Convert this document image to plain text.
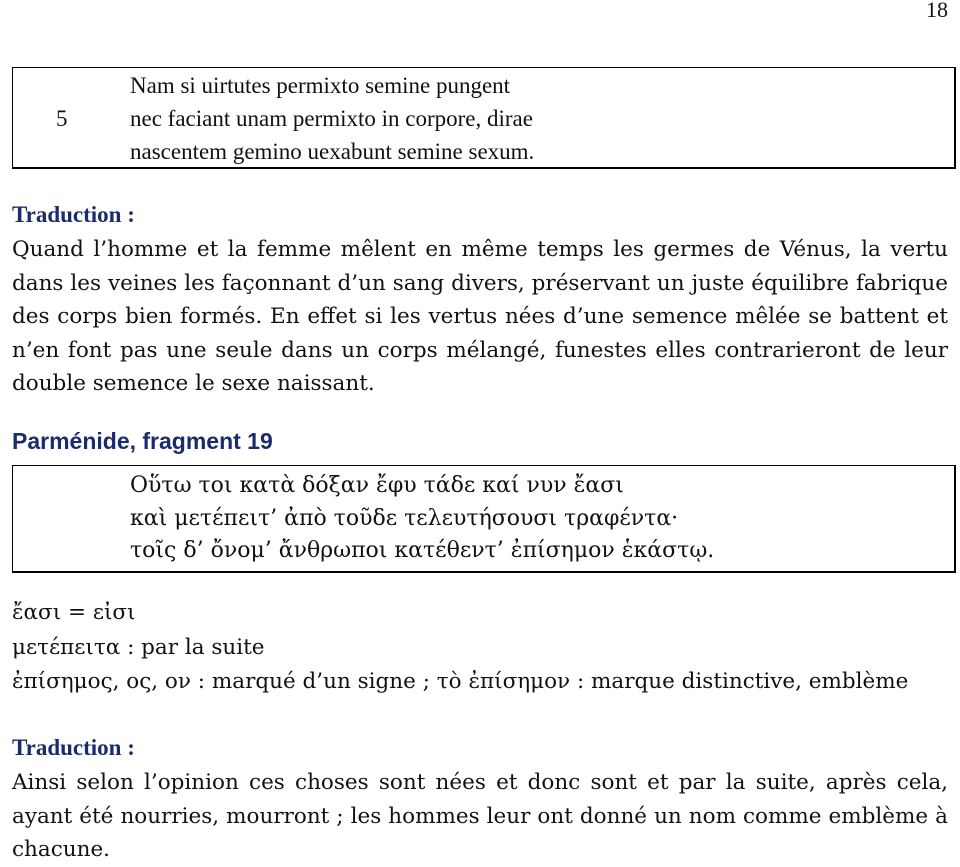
18
Nam si uirtutes permixto semine pungent
5	nec faciant unam permixto in corpore, dirae
nascentem gemino uexabunt semine sexum.
Traduction :
Quand l’homme et la femme mêlent en même temps les germes de Vénus, la vertu
dans les veines les façonnant d’un sang divers, préservant un juste équilibre fabrique
des corps bien formés. En effet si les vertus nées d’une semence mêlée se battent et
n’en font pas une seule dans un corps mélangé, funestes elles contrarieront de leur
double semence le sexe naissant.
Parménide, fragment 19
Οὕτω τοι κατὰ δόξαν ἔφυ τάδε καί νυν ἔασι
καὶ μετέπειτ’ ἀπὸ τοῦδε τελευτήσουσι τραφέντα·
τοῖς δ’ ὄνομ’ ἄνθρωποι κατέθεντ’ ἐπίσημον ἑκάστῳ.
ἔασι = εἰσι
μετέπειτα : par la suite
ἐπίσημος, ος, ον : marqué d’un signe ; τὸ ἐπίσημον : marque distinctive, emblème
Traduction :
Ainsi selon l’opinion ces choses sont nées et donc sont et par la suite, après cela,
ayant été nourries, mourront ; les hommes leur ont donné un nom comme emblème à
chacune.
